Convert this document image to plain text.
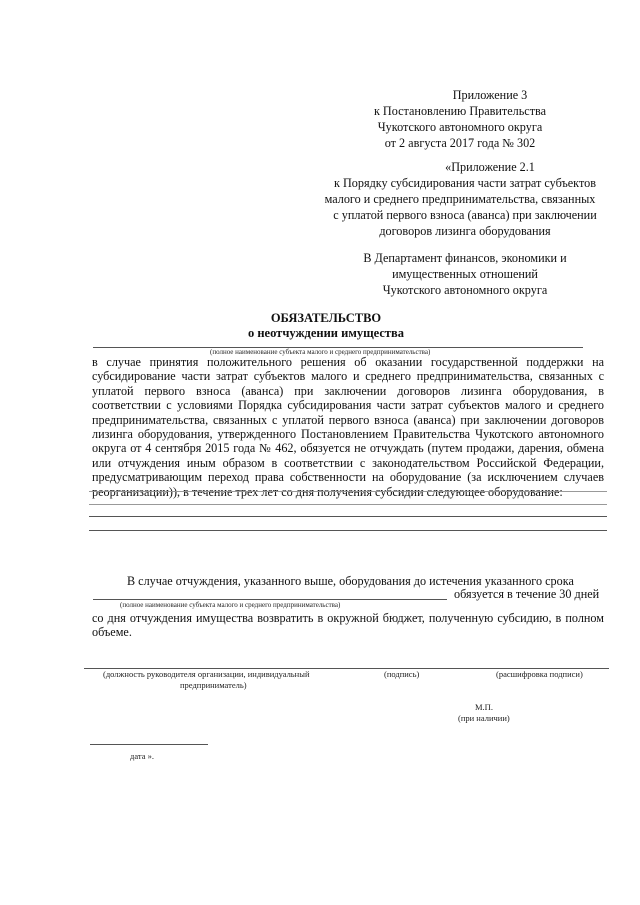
Приложение 3
к Постановлению Правительства
Чукотского автономного округа
от 2 августа 2017 года № 302
«Приложение 2.1
к Порядку субсидирования части затрат субъектов
малого и среднего предпринимательства, связанных
с уплатой первого взноса (аванса) при заключении
договоров лизинга оборудования
В Департамент финансов, экономики и
имущественных отношений
Чукотского автономного округа
ОБЯЗАТЕЛЬСТВО
о неотчуждении имущества
(полное наименование субъекта малого и среднего предпринимательства)
в случае принятия положительного решения об оказании государственной поддержки на субсидирование части затрат субъектов малого и среднего предпринимательства, связанных с уплатой первого взноса (аванса) при заключении договоров лизинга оборудования, в соответствии с условиями Порядка субсидирования части затрат субъектов малого и среднего предпринимательства, связанных с уплатой первого взноса (аванса) при заключении договоров лизинга оборудования, утвержденного Постановлением Правительства Чукотского автономного округа от 4 сентября 2015 года № 462, обязуется не отчуждать (путем продажи, дарения, обмена или отчуждения иным образом в соответствии с законодательством Российской Федерации, предусматривающим переход права собственности на оборудование (за исключением случаев реорганизации)), в течение трех лет со дня получения субсидии следующее оборудование:
В случае отчуждения, указанного выше, оборудования до истечения указанного срока
обязуется в течение 30 дней
(полное наименование субъекта малого и среднего предпринимательства)
со дня отчуждения имущества возвратить в окружной бюджет, полученную субсидию, в полном объеме.
(должность руководителя организации, индивидуальный
предприниматель)
(подпись)	(расшифровка подписи)
М.П.
(при наличии)
дата ».
